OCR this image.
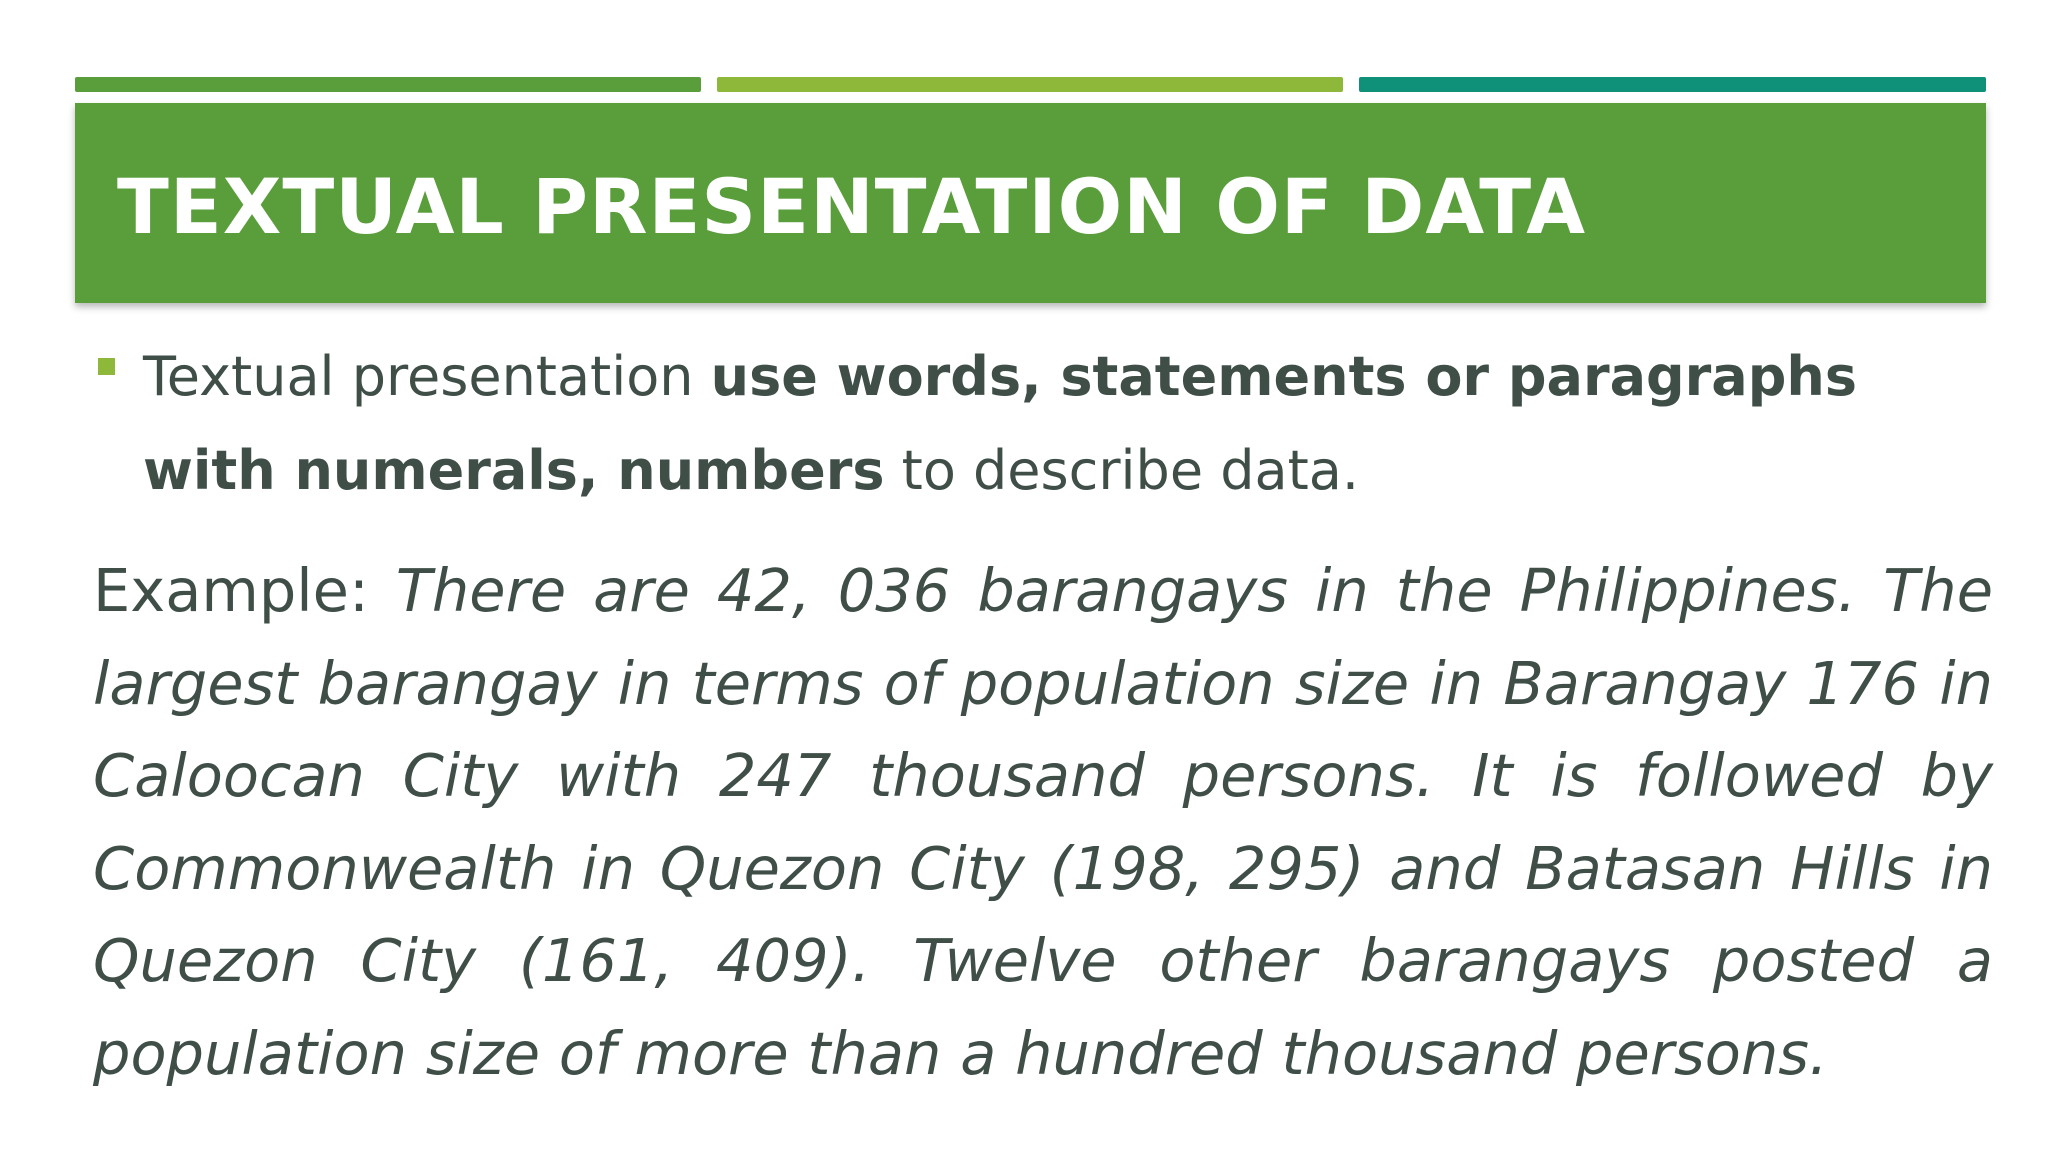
TEXTUAL PRESENTATION OF DATA

Textual presentation use words, statements or paragraphs with numerals, numbers to describe data.

Example: There are 42, 036 barangays in the Philippines. The largest barangay in terms of population size in Barangay 176 in Caloocan City with 247 thousand persons. It is followed by Commonwealth in Quezon City (198, 295) and Batasan Hills in Quezon City (161, 409). Twelve other barangays posted a population size of more than a hundred thousand persons.
